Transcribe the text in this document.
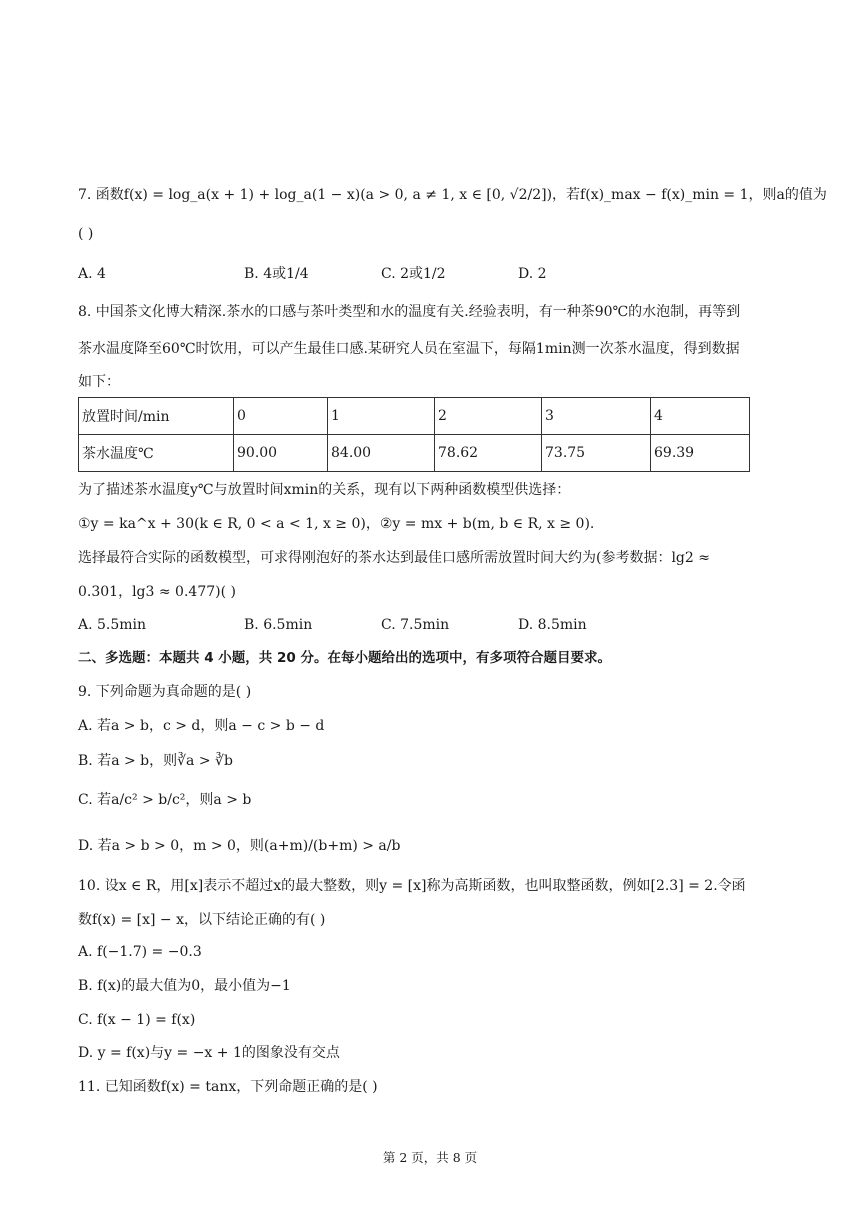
7. 函数f(x) = log_a(x + 1) + log_a(1 − x)(a > 0, a ≠ 1, x ∈ [0, √2/2])，若f(x)_max − f(x)_min = 1，则a的值为
( )
A. 4	B. 4或1/4	C. 2或1/2	D. 2
8. 中国茶文化博大精深.茶水的口感与茶叶类型和水的温度有关.经验表明，有一种茶90℃的水泡制，再等到
茶水温度降至60℃时饮用，可以产生最佳口感.某研究人员在室温下，每隔1min测一次茶水温度，得到数据
如下：
放置时间/min	0	1	2	3	4
茶水温度℃	90.00	84.00	78.62	73.75	69.39
为了描述茶水温度y℃与放置时间xmin的关系，现有以下两种函数模型供选择：
①y = ka^x + 30(k ∈ R, 0 < a < 1, x ≥ 0)，②y = mx + b(m, b ∈ R, x ≥ 0).
选择最符合实际的函数模型，可求得刚泡好的茶水达到最佳口感所需放置时间大约为(参考数据：lg2 ≈
0.301，lg3 ≈ 0.477)( )
A. 5.5min	B. 6.5min	C. 7.5min	D. 8.5min
二、多选题：本题共 4 小题，共 20 分。在每小题给出的选项中，有多项符合题目要求。
9. 下列命题为真命题的是( )
A. 若a > b，c > d，则a − c > b − d
B. 若a > b，则∛a > ∛b
C. 若a/c² > b/c²，则a > b
D. 若a > b > 0，m > 0，则(a+m)/(b+m) > a/b
10. 设x ∈ R，用[x]表示不超过x的最大整数，则y = [x]称为高斯函数，也叫取整函数，例如[2.3] = 2.令函
数f(x) = [x] − x，以下结论正确的有( )
A. f(−1.7) = −0.3
B. f(x)的最大值为0，最小值为−1
C. f(x − 1) = f(x)
D. y = f(x)与y = −x + 1的图象没有交点
11. 已知函数f(x) = tanx，下列命题正确的是( )
第 2 页，共 8 页
